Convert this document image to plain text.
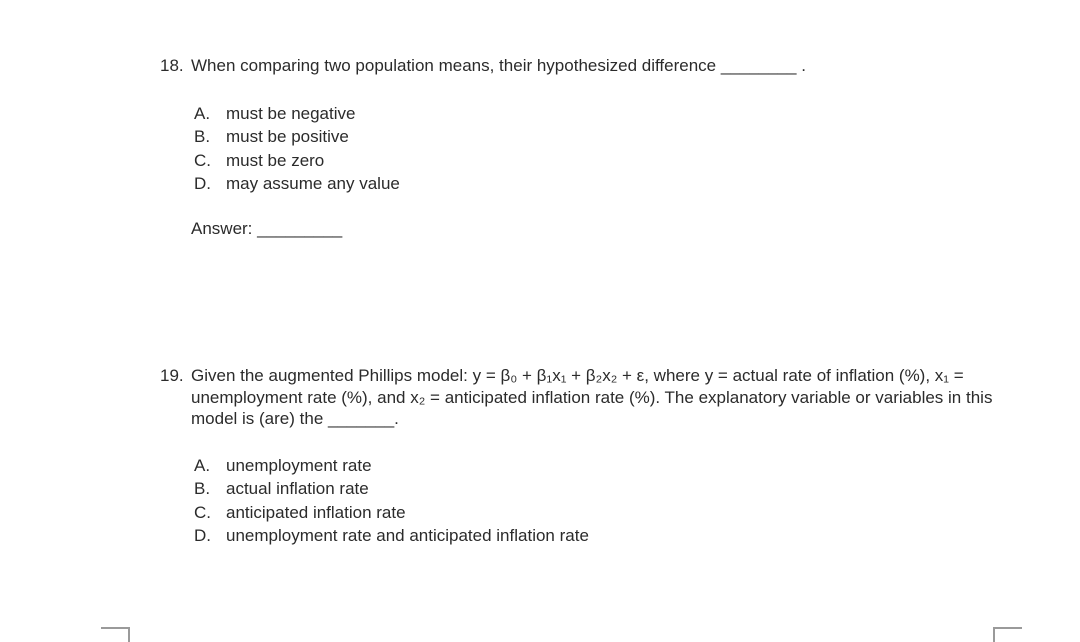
18. When comparing two population means, their hypothesized difference ________ .
A. must be negative
B. must be positive
C. must be zero
D. may assume any value
Answer: _________
19. Given the augmented Phillips model: y = β₀ + β₁x₁ + β₂x₂ + ε, where y = actual rate of inflation (%), x₁ = unemployment rate (%), and x₂ = anticipated inflation rate (%). The explanatory variable or variables in this model is (are) the _______.
A. unemployment rate
B. actual inflation rate
C. anticipated inflation rate
D. unemployment rate and anticipated inflation rate
